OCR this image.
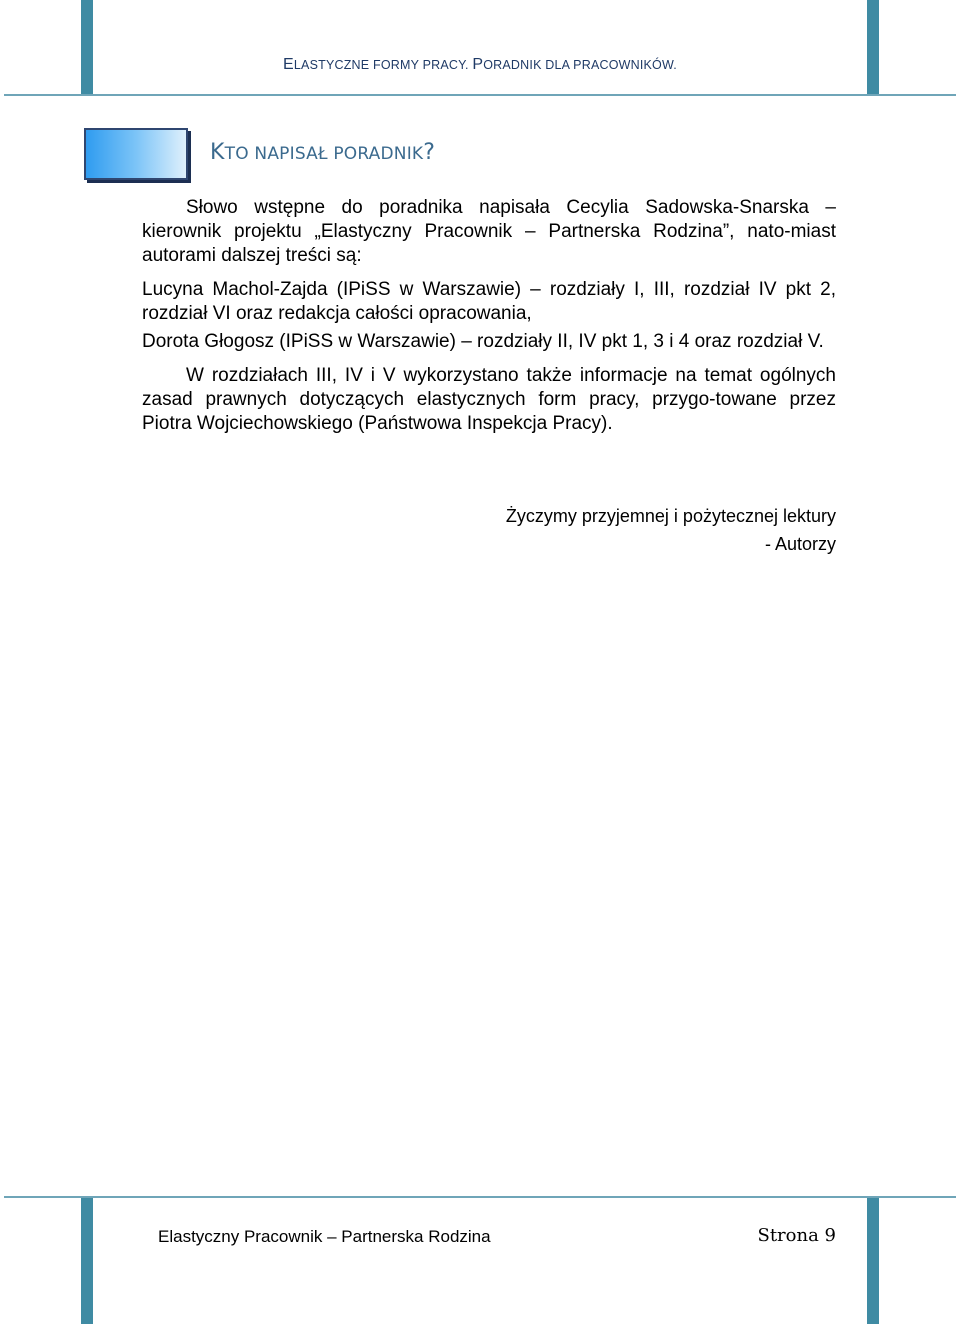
ELASTYCZNE FORMY PRACY. PORADNIK DLA PRACOWNIKÓW.
KTO NAPISAŁ PORADNIK?

Słowo wstępne do poradnika napisała Cecylia Sadowska-Snarska – kierownik projektu „Elastyczny Pracownik – Partnerska Rodzina”, nato-miast autorami dalszej treści są:

Lucyna Machol-Zajda (IPiSS w Warszawie) – rozdziały I, III, rozdział IV pkt 2, rozdział VI oraz redakcja całości opracowania,

Dorota Głogosz (IPiSS w Warszawie) – rozdziały II, IV pkt 1, 3 i 4 oraz rozdział V.

W rozdziałach III, IV i V wykorzystano także informacje na temat ogólnych zasad prawnych dotyczących elastycznych form pracy, przygo-towane przez Piotra Wojciechowskiego (Państwowa Inspekcja Pracy).

Życzymy przyjemnej i pożytecznej lektury
- Autorzy
Elastyczny Pracownik – Partnerska Rodzina	Strona 9
